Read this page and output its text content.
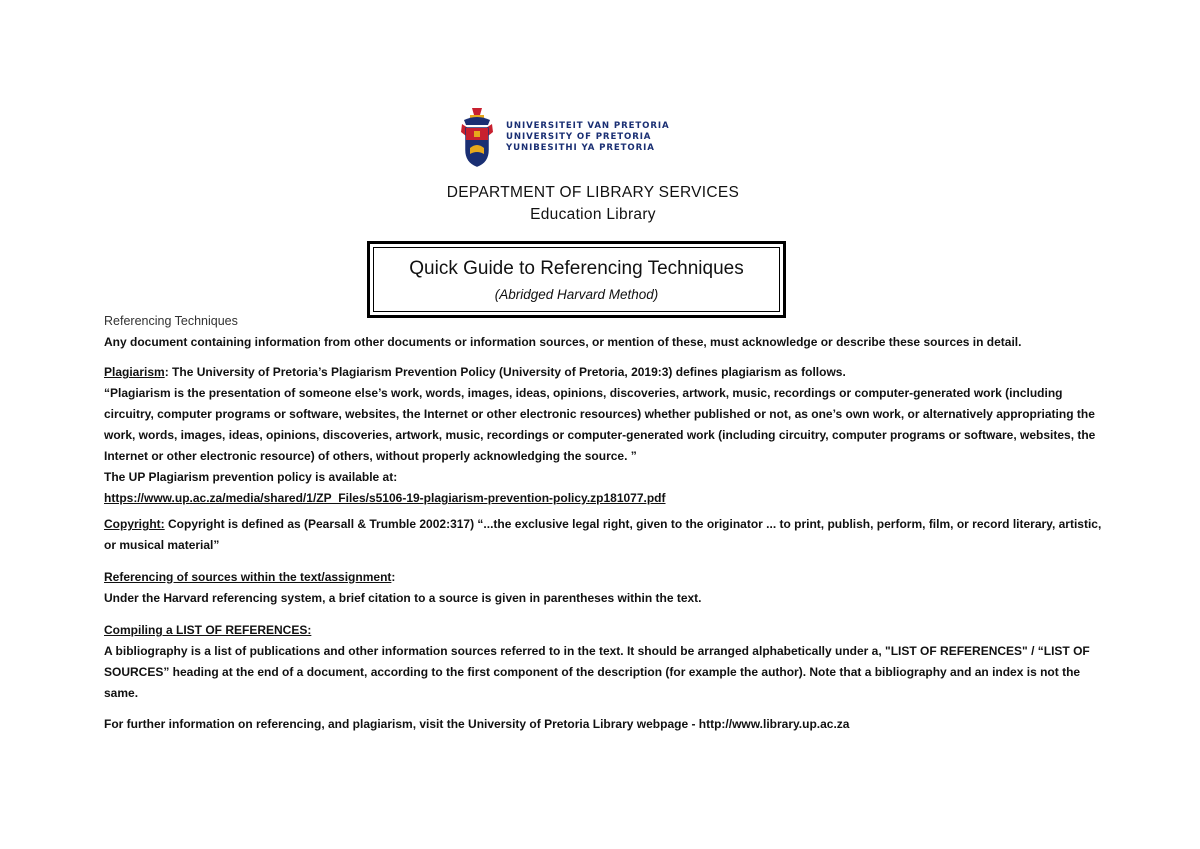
UNIVERSITEIT VAN PRETORIA
UNIVERSITY OF PRETORIA
YUNIBESITHI YA PRETORIA
DEPARTMENT OF LIBRARY SERVICES
Education Library
Quick Guide to Referencing Techniques
(Abridged Harvard Method)
Referencing Techniques
Any document containing information from other documents or information sources, or mention of these, must acknowledge or describe these sources in detail.
Plagiarism: The University of Pretoria’s Plagiarism Prevention Policy (University of Pretoria, 2019:3) defines plagiarism as follows.
“Plagiarism is the presentation of someone else’s work, words, images, ideas, opinions, discoveries, artwork, music, recordings or computer-generated work (including circuitry, computer programs or software, websites, the Internet or other electronic resources) whether published or not, as one’s own work, or alternatively appropriating the work, words, images, ideas, opinions, discoveries, artwork, music, recordings or computer-generated work (including circuitry, computer programs or software, websites, the Internet or other electronic resource) of others, without properly acknowledging the source. ”
The UP Plagiarism prevention policy is available at:
https://www.up.ac.za/media/shared/1/ZP_Files/s5106-19-plagiarism-prevention-policy.zp181077.pdf
Copyright: Copyright is defined as (Pearsall & Trumble 2002:317) “...the exclusive legal right, given to the originator ... to print, publish, perform, film, or record literary, artistic, or musical material”
Referencing of sources within the text/assignment:
Under the Harvard referencing system, a brief citation to a source is given in parentheses within the text.
Compiling a LIST OF REFERENCES:
A bibliography is a list of publications and other information sources referred to in the text. It should be arranged alphabetically under a, "LIST OF REFERENCES" / “LIST OF SOURCES” heading at the end of a document, according to the first component of the description (for example the author). Note that a bibliography and an index is not the same.
For further information on referencing, and plagiarism, visit the University of Pretoria Library webpage - http://www.library.up.ac.za
